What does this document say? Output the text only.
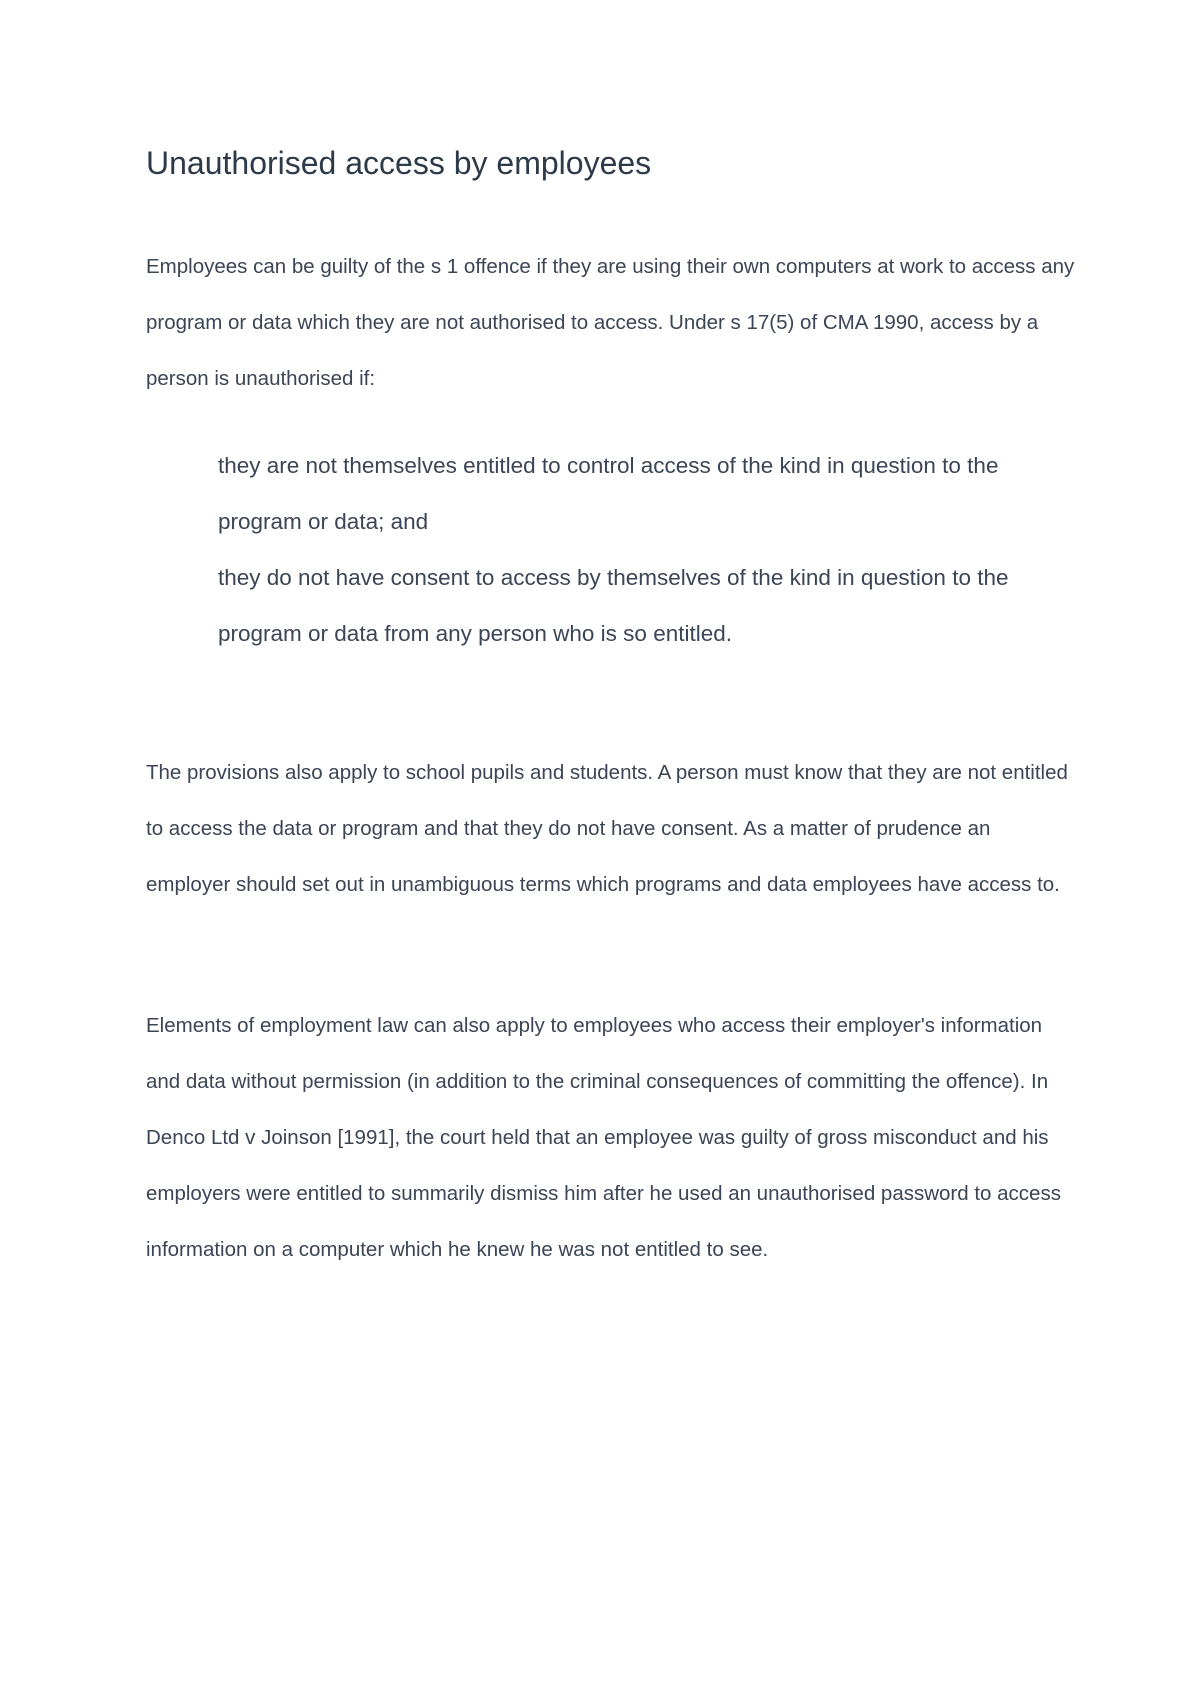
Unauthorised access by employees

Employees can be guilty of the s 1 offence if they are using their own computers at work to access any program or data which they are not authorised to access. Under s 17(5) of CMA 1990, access by a person is unauthorised if:

they are not themselves entitled to control access of the kind in question to the program or data; and
they do not have consent to access by themselves of the kind in question to the program or data from any person who is so entitled.

The provisions also apply to school pupils and students. A person must know that they are not entitled to access the data or program and that they do not have consent. As a matter of prudence an employer should set out in unambiguous terms which programs and data employees have access to.

Elements of employment law can also apply to employees who access their employer's information and data without permission (in addition to the criminal consequences of committing the offence). In Denco Ltd v Joinson [1991], the court held that an employee was guilty of gross misconduct and his employers were entitled to summarily dismiss him after he used an unauthorised password to access information on a computer which he knew he was not entitled to see.
